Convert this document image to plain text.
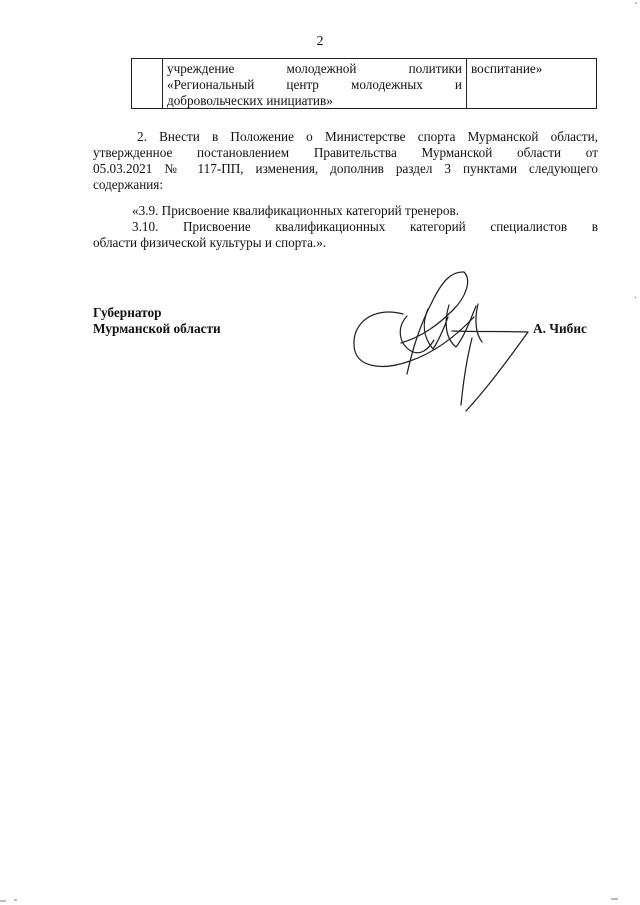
2
учреждение молодежной политики
«Региональный центр молодежных и
добровольческих инициатив»
воспитание»
2. Внести в Положение о Министерстве спорта Мурманской области,
утвержденное постановлением Правительства Мурманской области от
05.03.2021 № 117-ПП, изменения, дополнив раздел 3 пунктами следующего
содержания:
«3.9. Присвоение квалификационных категорий тренеров.
3.10. Присвоение квалификационных категорий специалистов в
области физической культуры и спорта.».
Губернатор
Мурманской области	А. Чибис
